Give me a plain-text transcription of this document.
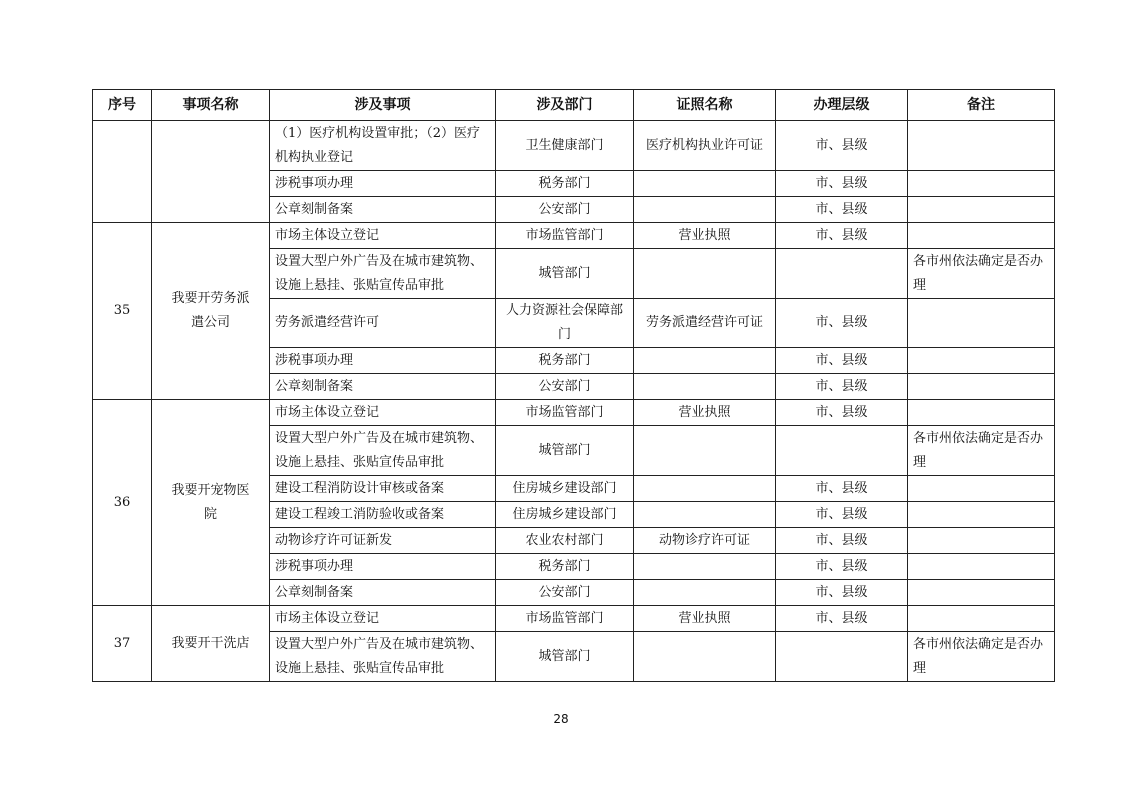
序号	事项名称	涉及事项	涉及部门	证照名称	办理层级	备注
		（1）医疗机构设置审批；（2）医疗机构执业登记	卫生健康部门	医疗机构执业许可证	市、县级	
		涉税事项办理	税务部门		市、县级	
		公章刻制备案	公安部门		市、县级	
35	我要开劳务派遣公司	市场主体设立登记	市场监管部门	营业执照	市、县级	
		设置大型户外广告及在城市建筑物、设施上悬挂、张贴宣传品审批	城管部门			各市州依法确定是否办理
		劳务派遣经营许可	人力资源社会保障部门	劳务派遣经营许可证	市、县级	
		涉税事项办理	税务部门		市、县级	
		公章刻制备案	公安部门		市、县级	
36	我要开宠物医院	市场主体设立登记	市场监管部门	营业执照	市、县级	
		设置大型户外广告及在城市建筑物、设施上悬挂、张贴宣传品审批	城管部门			各市州依法确定是否办理
		建设工程消防设计审核或备案	住房城乡建设部门		市、县级	
		建设工程竣工消防验收或备案	住房城乡建设部门		市、县级	
		动物诊疗许可证新发	农业农村部门	动物诊疗许可证	市、县级	
		涉税事项办理	税务部门		市、县级	
		公章刻制备案	公安部门		市、县级	
37	我要开干洗店	市场主体设立登记	市场监管部门	营业执照	市、县级	
		设置大型户外广告及在城市建筑物、设施上悬挂、张贴宣传品审批	城管部门			各市州依法确定是否办理
28
